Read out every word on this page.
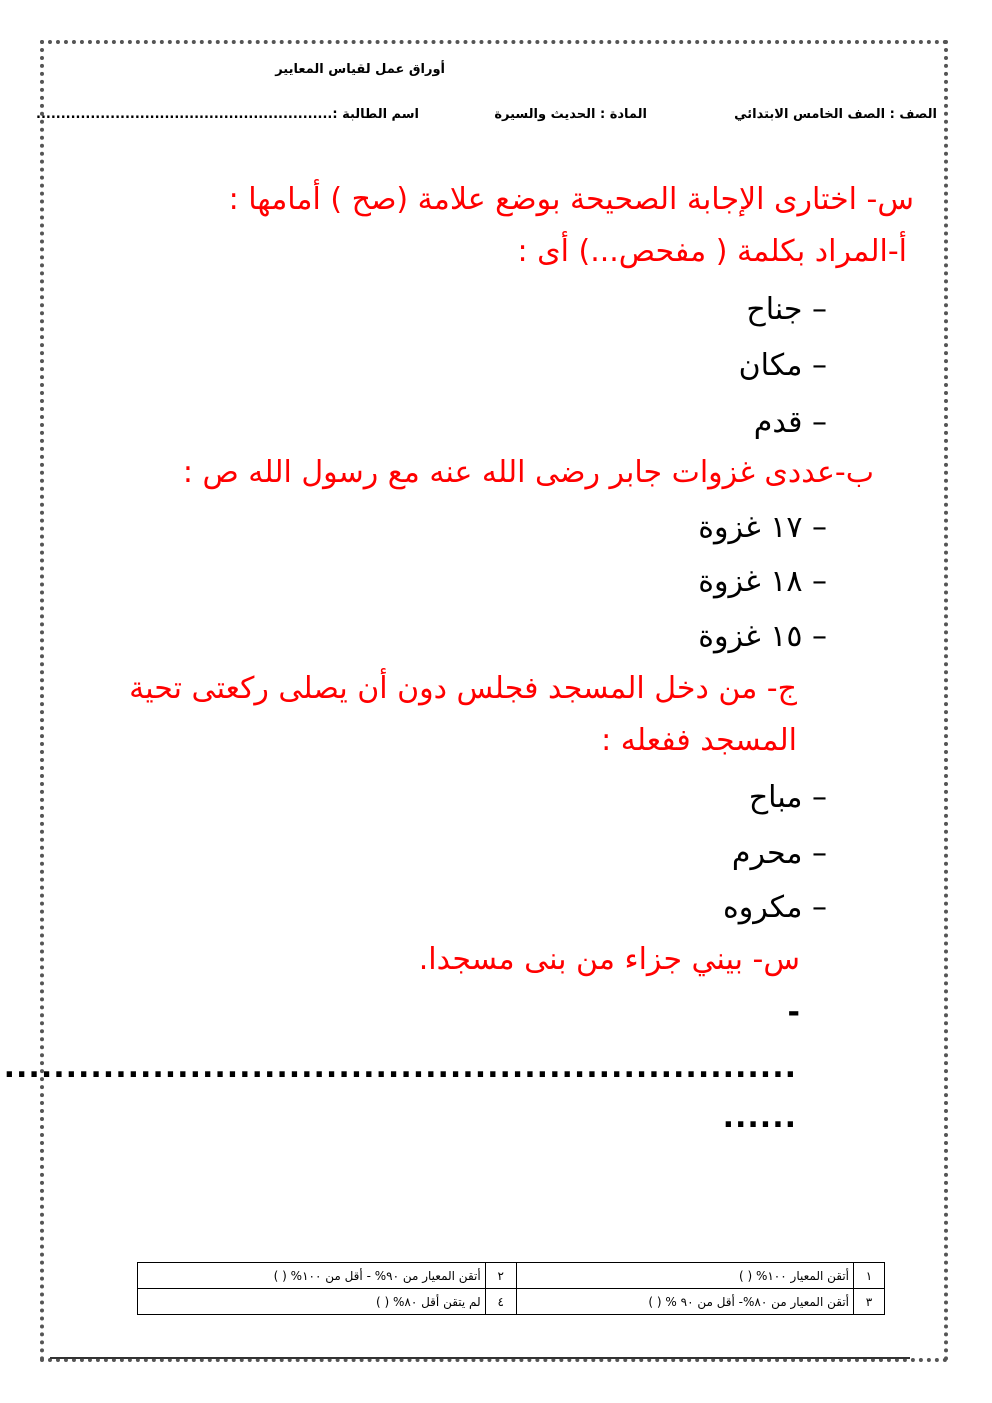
أوراق عمل لقياس المعايير
الصف : الصف الخامس الابتدائي
المادة : الحديث والسيرة
اسم الطالبة :............................................................
س- اختارى الإجابة الصحيحة بوضع علامة (صح ) أمامها :
أ-المراد بكلمة ( مفحص...) أى :
– جناح
– مكان
– قدم
ب-عددى غزوات جابر رضى الله عنه مع رسول الله ص :
– ١٧ غزوة
– ١٨ غزوة
– ١٥ غزوة
ج- من دخل المسجد فجلس دون أن يصلى ركعتى تحية
المسجد ففعله :
– مباح
– محرم
– مكروه
س- بيني جزاء من بنى مسجدا.
-
................................................................
......
١	أتقن المعيار ١٠٠% ( )	٢	أتقن المعيار من ٩٠% - أقل من ١٠٠% ( )
٣	أتقن المعيار من ٨٠%- أقل من ٩٠ % ( )	٤	لم يتقن أقل ٨٠% ( )
